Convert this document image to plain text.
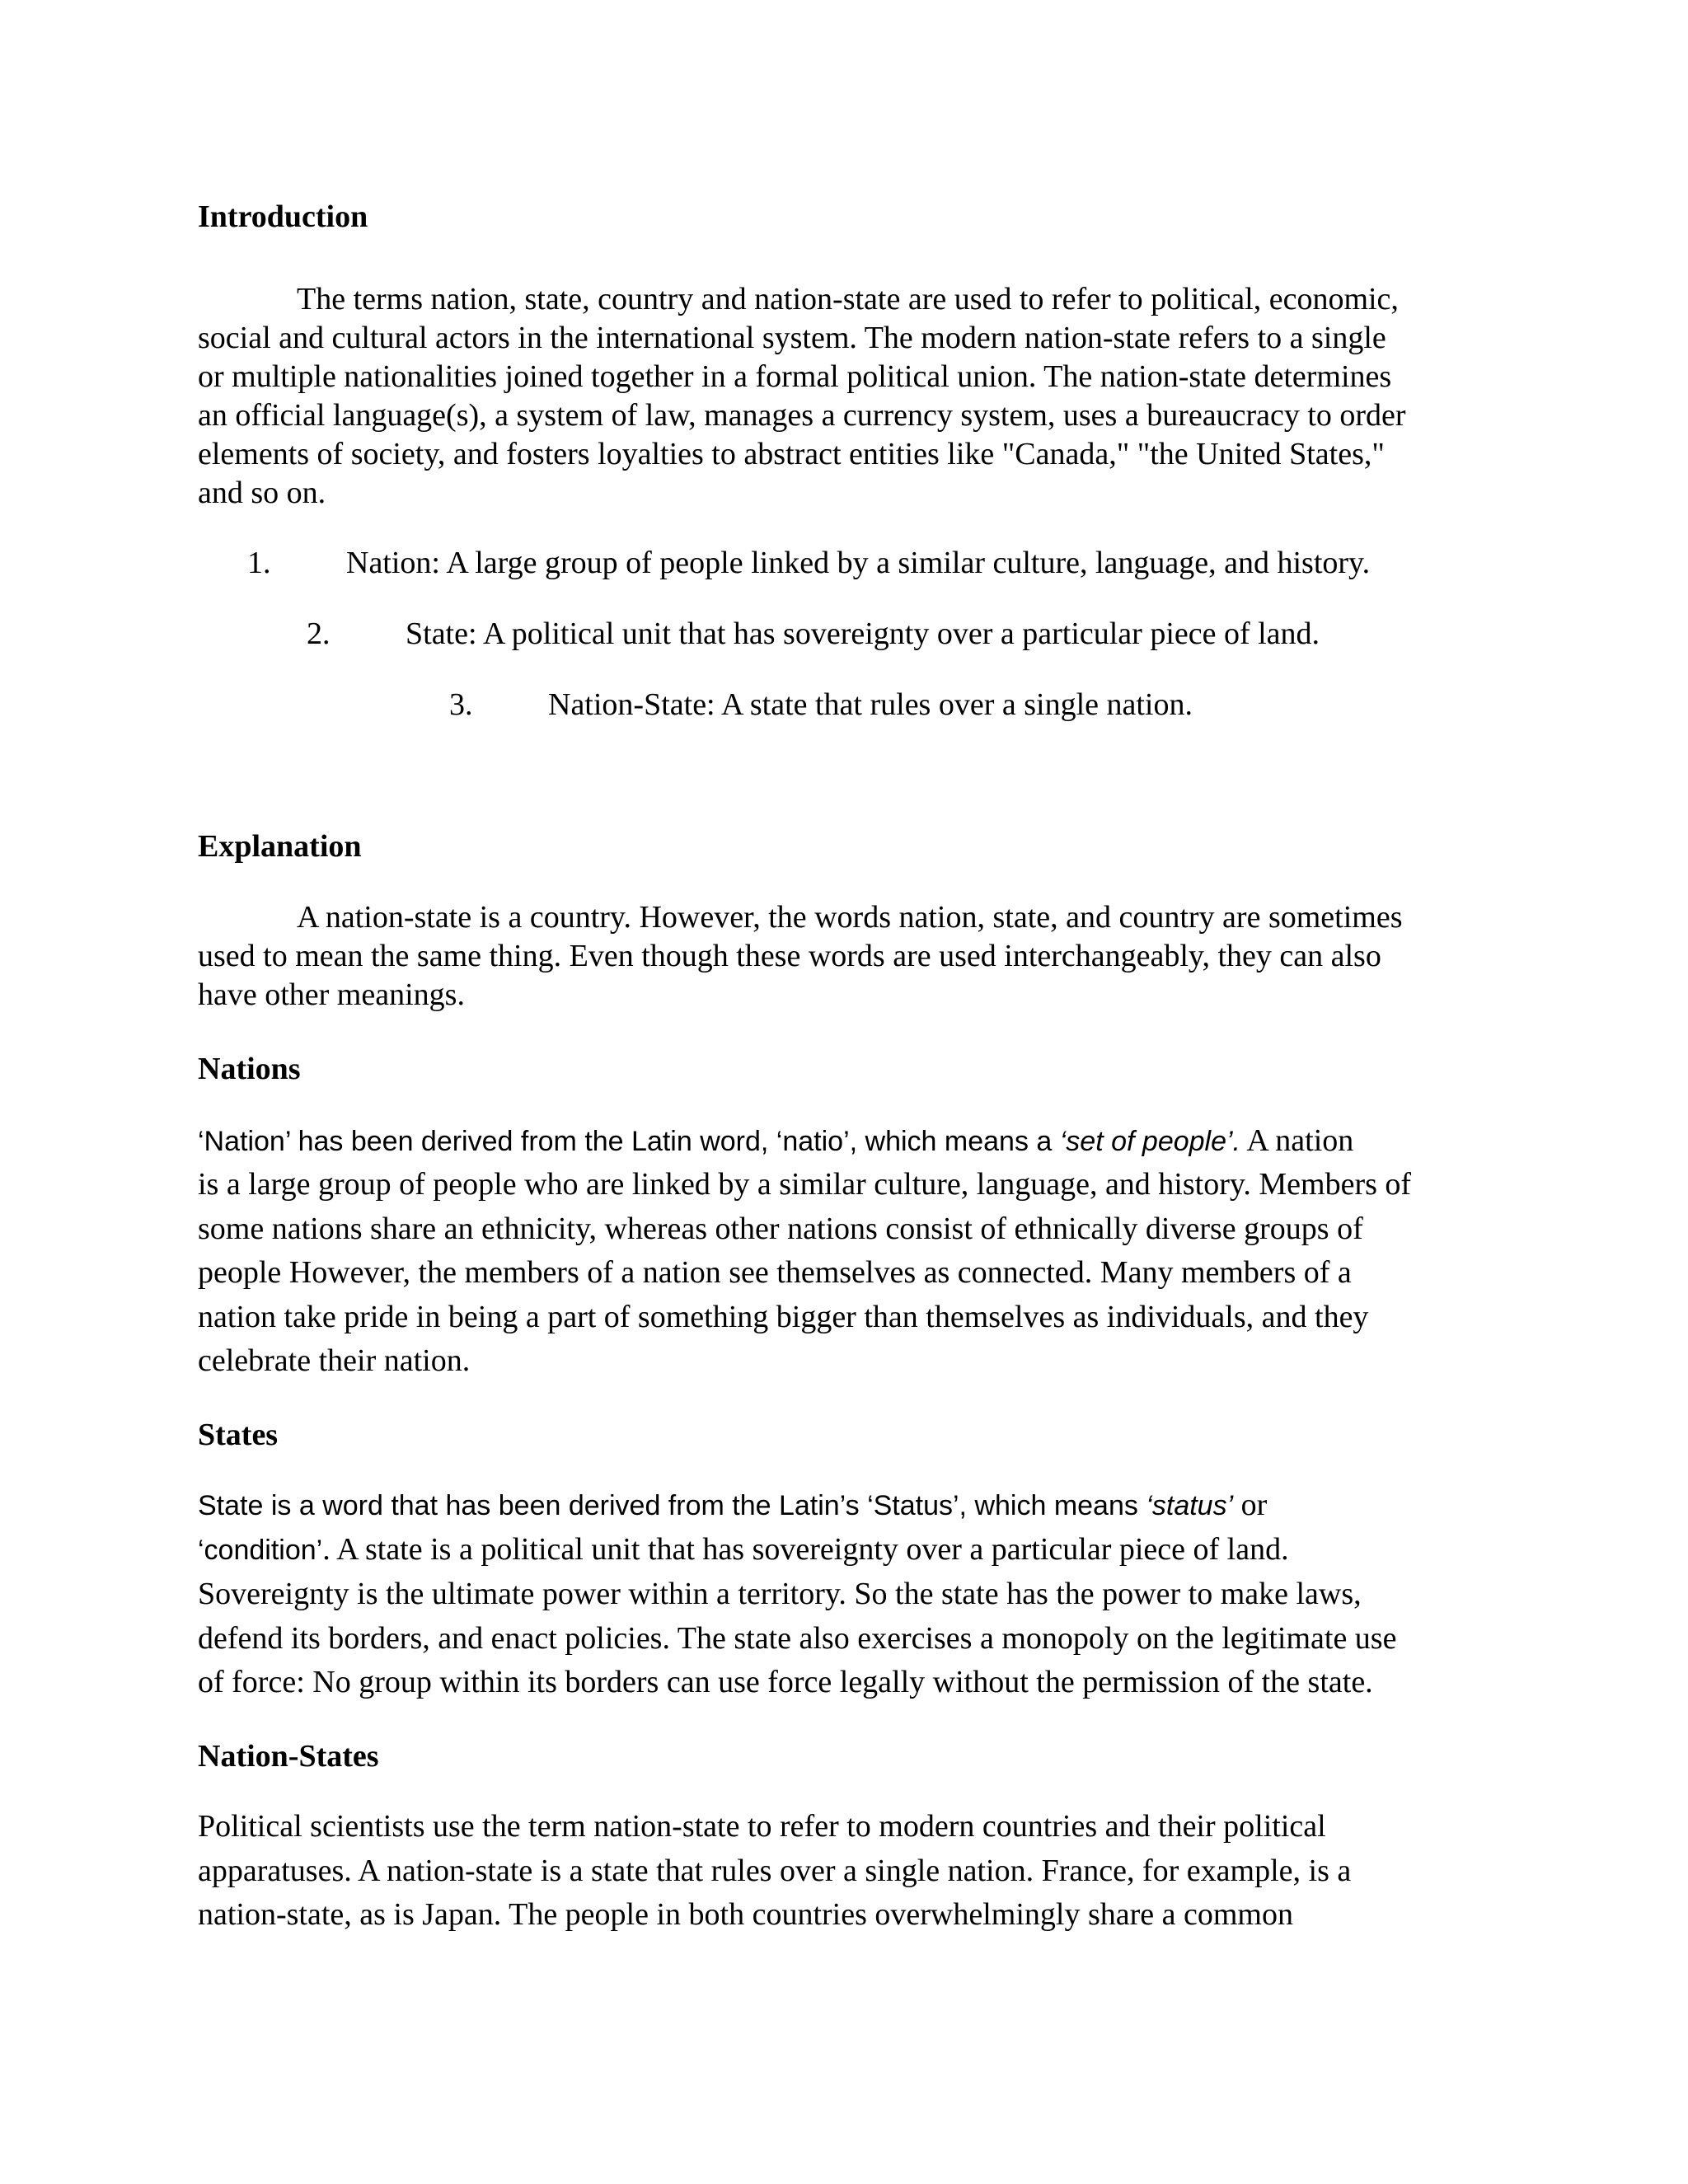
Introduction

The terms nation, state, country and nation-state are used to refer to political, economic,
social and cultural actors in the international system. The modern nation-state refers to a single
or multiple nationalities joined together in a formal political union. The nation-state determines
an official language(s), a system of law, manages a currency system, uses a bureaucracy to order
elements of society, and fosters loyalties to abstract entities like "Canada," "the United States,"
and so on.

1. Nation: A large group of people linked by a similar culture, language, and history.
2. State: A political unit that has sovereignty over a particular piece of land.
3. Nation-State: A state that rules over a single nation.
Explanation

A nation-state is a country. However, the words nation, state, and country are sometimes
used to mean the same thing. Even though these words are used interchangeably, they can also
have other meanings.

Nations

‘Nation’ has been derived from the Latin word, ‘natio’, which means a ‘set of people’. A nation

is a large group of people who are linked by a similar culture, language, and history. Members of
some nations share an ethnicity, whereas other nations consist of ethnically diverse groups of
people However, the members of a nation see themselves as connected. Many members of a
nation take pride in being a part of something bigger than themselves as individuals, and they
celebrate their nation.

States

State is a word that has been derived from the Latin’s ‘Status’, which means ‘status’ or

‘condition’. A state is a political unit that has sovereignty over a particular piece of land.

Sovereignty is the ultimate power within a territory. So the state has the power to make laws,
defend its borders, and enact policies. The state also exercises a monopoly on the legitimate use
of force: No group within its borders can use force legally without the permission of the state.

Nation-States

Political scientists use the term nation-state to refer to modern countries and their political
apparatuses. A nation-state is a state that rules over a single nation. France, for example, is a
nation-state, as is Japan. The people in both countries overwhelmingly share a common
